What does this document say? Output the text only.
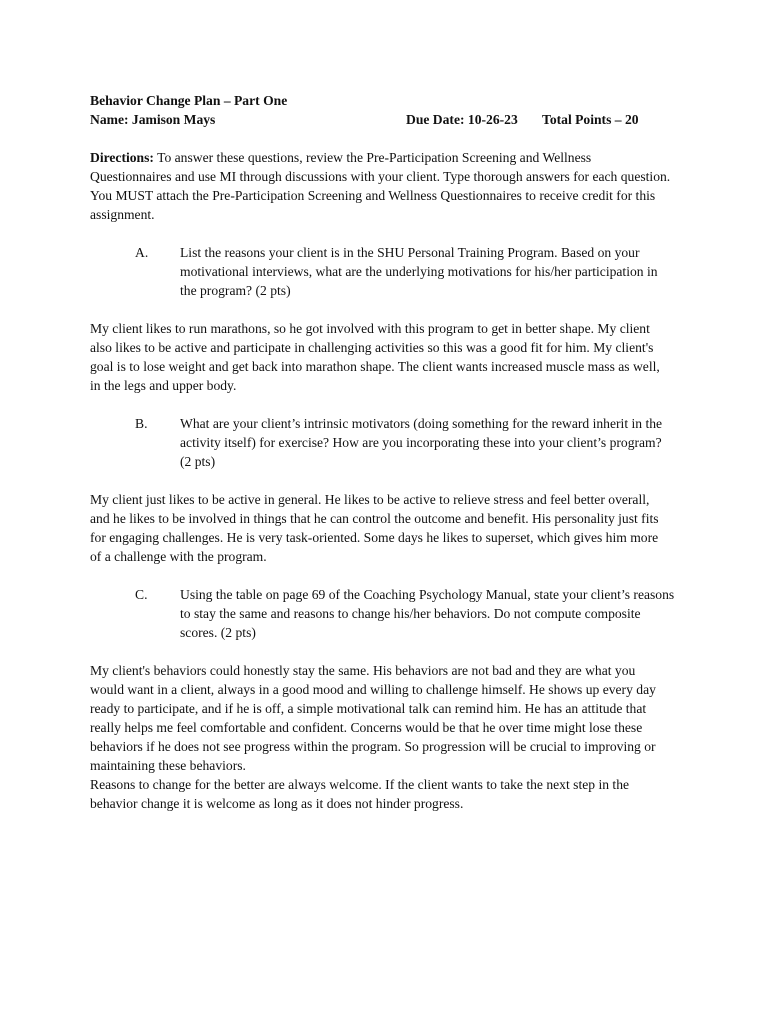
Behavior Change Plan – Part One
Name: Jamison Mays	Due Date: 10-26-23 Total Points – 20
Directions: To answer these questions, review the Pre-Participation Screening and Wellness Questionnaires and use MI through discussions with your client. Type thorough answers for each question. You MUST attach the Pre-Participation Screening and Wellness Questionnaires to receive credit for this assignment.
A. List the reasons your client is in the SHU Personal Training Program. Based on your motivational interviews, what are the underlying motivations for his/her participation in the program? (2 pts)
My client likes to run marathons, so he got involved with this program to get in better shape. My client also likes to be active and participate in challenging activities so this was a good fit for him. My client's goal is to lose weight and get back into marathon shape. The client wants increased muscle mass as well, in the legs and upper body.
B. What are your client’s intrinsic motivators (doing something for the reward inherit in the activity itself) for exercise? How are you incorporating these into your client’s program? (2 pts)
My client just likes to be active in general. He likes to be active to relieve stress and feel better overall, and he likes to be involved in things that he can control the outcome and benefit. His personality just fits for engaging challenges. He is very task-oriented. Some days he likes to superset, which gives him more of a challenge with the program.
C. Using the table on page 69 of the Coaching Psychology Manual, state your client’s reasons to stay the same and reasons to change his/her behaviors. Do not compute composite scores. (2 pts)
My client's behaviors could honestly stay the same. His behaviors are not bad and they are what you would want in a client, always in a good mood and willing to challenge himself. He shows up every day ready to participate, and if he is off, a simple motivational talk can remind him. He has an attitude that really helps me feel comfortable and confident. Concerns would be that he over time might lose these behaviors if he does not see progress within the program. So progression will be crucial to improving or maintaining these behaviors.
Reasons to change for the better are always welcome. If the client wants to take the next step in the behavior change it is welcome as long as it does not hinder progress.
